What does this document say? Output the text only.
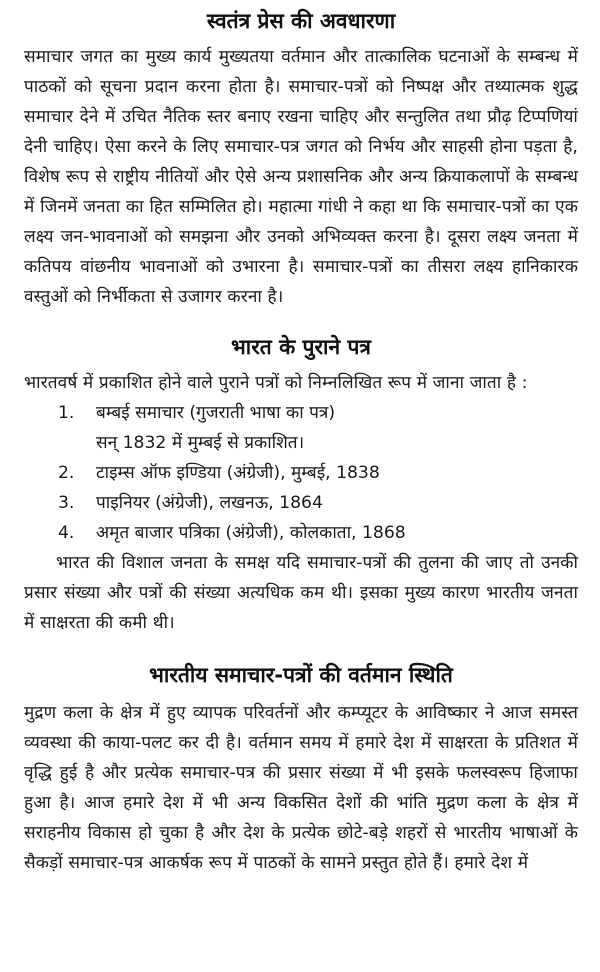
स्वतंत्र प्रेस की अवधारणा

समाचार जगत का मुख्य कार्य मुख्यतया वर्तमान और तात्कालिक घटनाओं के सम्बन्ध में पाठकों को सूचना प्रदान करना होता है। समाचार-पत्रों को निष्पक्ष और तथ्यात्मक शुद्ध समाचार देने में उचित नैतिक स्तर बनाए रखना चाहिए और सन्तुलित तथा प्रौढ़ टिप्पणियां देनी चाहिए। ऐसा करने के लिए समाचार-पत्र जगत को निर्भय और साहसी होना पड़ता है, विशेष रूप से राष्ट्रीय नीतियों और ऐसे अन्य प्रशासनिक और अन्य क्रियाकलापों के सम्बन्ध में जिनमें जनता का हित सम्मिलित हो। महात्मा गांधी ने कहा था कि समाचार-पत्रों का एक लक्ष्य जन-भावनाओं को समझना और उनको अभिव्यक्त करना है। दूसरा लक्ष्य जनता में कतिपय वांछनीय भावनाओं को उभारना है। समाचार-पत्रों का तीसरा लक्ष्य हानिकारक वस्तुओं को निर्भीकता से उजागर करना है।

भारत के पुराने पत्र

भारतवर्ष में प्रकाशित होने वाले पुराने पत्रों को निम्नलिखित रूप में जाना जाता है :

1.	बम्बई समाचार (गुजराती भाषा का पत्र)
सन् 1832 में मुम्बई से प्रकाशित।
2.	टाइम्स ऑफ इण्डिया (अंग्रेजी), मुम्बई, 1838
3.	पाइनियर (अंग्रेजी), लखनऊ, 1864
4.	अमृत बाजार पत्रिका (अंग्रेजी), कोलकाता, 1868

भारत की विशाल जनता के समक्ष यदि समाचार-पत्रों की तुलना की जाए तो उनकी प्रसार संख्या और पत्रों की संख्या अत्यधिक कम थी। इसका मुख्य कारण भारतीय जनता में साक्षरता की कमी थी।

भारतीय समाचार-पत्रों की वर्तमान स्थिति

मुद्रण कला के क्षेत्र में हुए व्यापक परिवर्तनों और कम्प्यूटर के आविष्कार ने आज समस्त व्यवस्था की काया-पलट कर दी है। वर्तमान समय में हमारे देश में साक्षरता के प्रतिशत में वृद्धि हुई है और प्रत्येक समाचार-पत्र की प्रसार संख्या में भी इसके फलस्वरूप हिजाफा हुआ है। आज हमारे देश में भी अन्य विकसित देशों की भांति मुद्रण कला के क्षेत्र में सराहनीय विकास हो चुका है और देश के प्रत्येक छोटे-बड़े शहरों से भारतीय भाषाओं के सैकड़ों समाचार-पत्र आकर्षक रूप में पाठकों के सामने प्रस्तुत होते हैं। हमारे देश में
